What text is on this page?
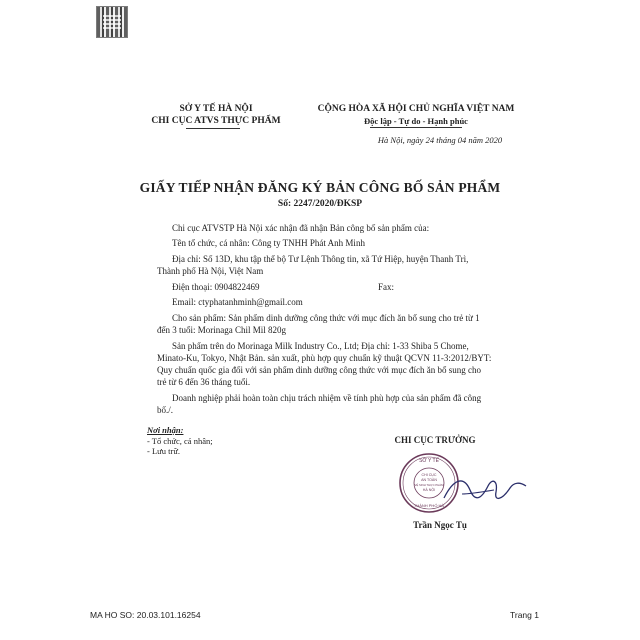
SỞ Y TẾ HÀ NỘI
CHI CỤC ATVS THỰC PHẨM
CỘNG HÒA XÃ HỘI CHỦ NGHĨA VIỆT NAM
Độc lập - Tự do - Hạnh phúc
Hà Nội, ngày 24 tháng 04 năm 2020
GIẤY TIẾP NHẬN ĐĂNG KÝ BẢN CÔNG BỐ SẢN PHẨM
Số: 2247/2020/ĐKSP
Chi cục ATVSTP Hà Nội xác nhận đã nhận Bản công bố sản phẩm của:
Tên tổ chức, cá nhân: Công ty TNHH Phát Anh Minh
Địa chỉ: Số 13D, khu tập thể bộ Tư Lệnh Thông tin, xã Tứ Hiệp, huyện Thanh Trì,
Thành phố Hà Nội, Việt Nam
Điện thoại: 0904822469	Fax:
Email: ctyphatanhminh@gmail.com
Cho sản phẩm: Sản phẩm dinh dưỡng công thức với mục đích ăn bổ sung cho trẻ từ 1
đến 3 tuổi: Morinaga Chil Mil 820g
Sản phẩm trên do Morinaga Milk Industry Co., Ltd; Địa chỉ: 1-33 Shiba 5 Chome,
Minato-Ku, Tokyo, Nhật Bản. sản xuất, phù hợp quy chuẩn kỹ thuật QCVN 11-3:2012/BYT:
Quy chuẩn quốc gia đối với sản phẩm dinh dưỡng công thức với mục đích ăn bổ sung cho
trẻ từ 6 đến 36 tháng tuổi.
Doanh nghiệp phải hoàn toàn chịu trách nhiệm về tính phù hợp của sản phẩm đã công
bố./.
Nơi nhận:
- Tổ chức, cá nhân;
- Lưu trữ.
CHI CỤC TRƯỞNG
SỞ Y TẾ
CHI CỤC
AN TOÀN
VỆ SINH THỰC PHẨM
HÀ NỘI
THÀNH PHỐ HÀ
Trần Ngọc Tụ
MA HO SO: 20.03.101.16254	Trang 1
